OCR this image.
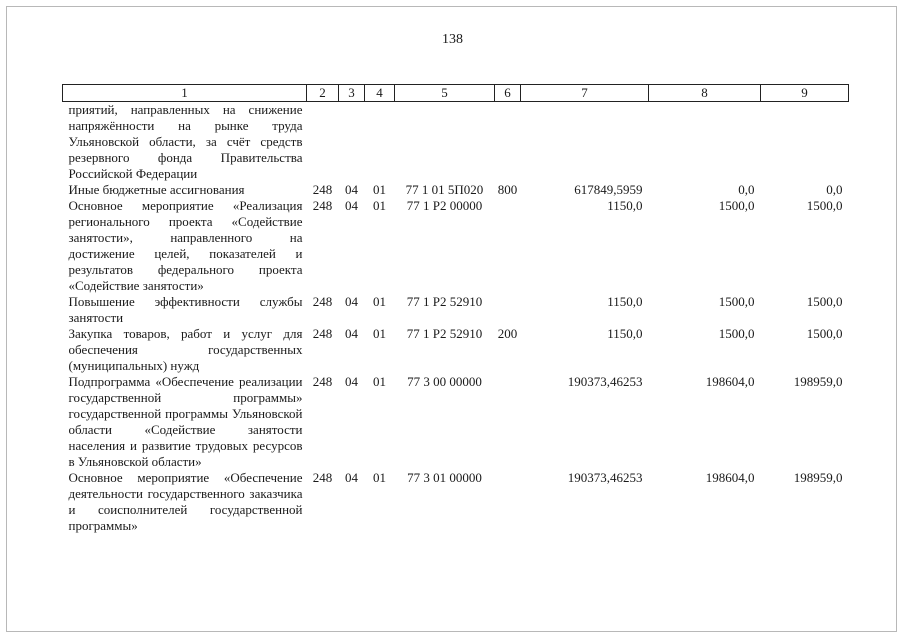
138
1	2	3	4	5	6	7	8	9
приятий, направленных на снижение напряжённости на рынке труда Ульяновской области, за счёт средств резервного фонда Правительства Российской Федерации								
Иные бюджетные ассигнования	248	04	01	77 1 01 5П020	800	617849,5959	0,0	0,0
Основное мероприятие «Реализация регионального проекта «Содействие занятости», направленного на достижение целей, показателей и результатов федерального проекта «Содействие занятости»	248	04	01	77 1 P2 00000		1150,0	1500,0	1500,0
Повышение эффективности службы занятости	248	04	01	77 1 P2 52910		1150,0	1500,0	1500,0
Закупка товаров, работ и услуг для обеспечения государственных (муниципальных) нужд	248	04	01	77 1 P2 52910	200	1150,0	1500,0	1500,0
Подпрограмма «Обеспечение реализации государственной программы» государственной программы Ульяновской области «Содействие занятости населения и развитие трудовых ресурсов в Ульяновской области»	248	04	01	77 3 00 00000		190373,46253	198604,0	198959,0
Основное мероприятие «Обеспечение деятельности государственного заказчика и соисполнителей государственной программы»	248	04	01	77 3 01 00000		190373,46253	198604,0	198959,0
